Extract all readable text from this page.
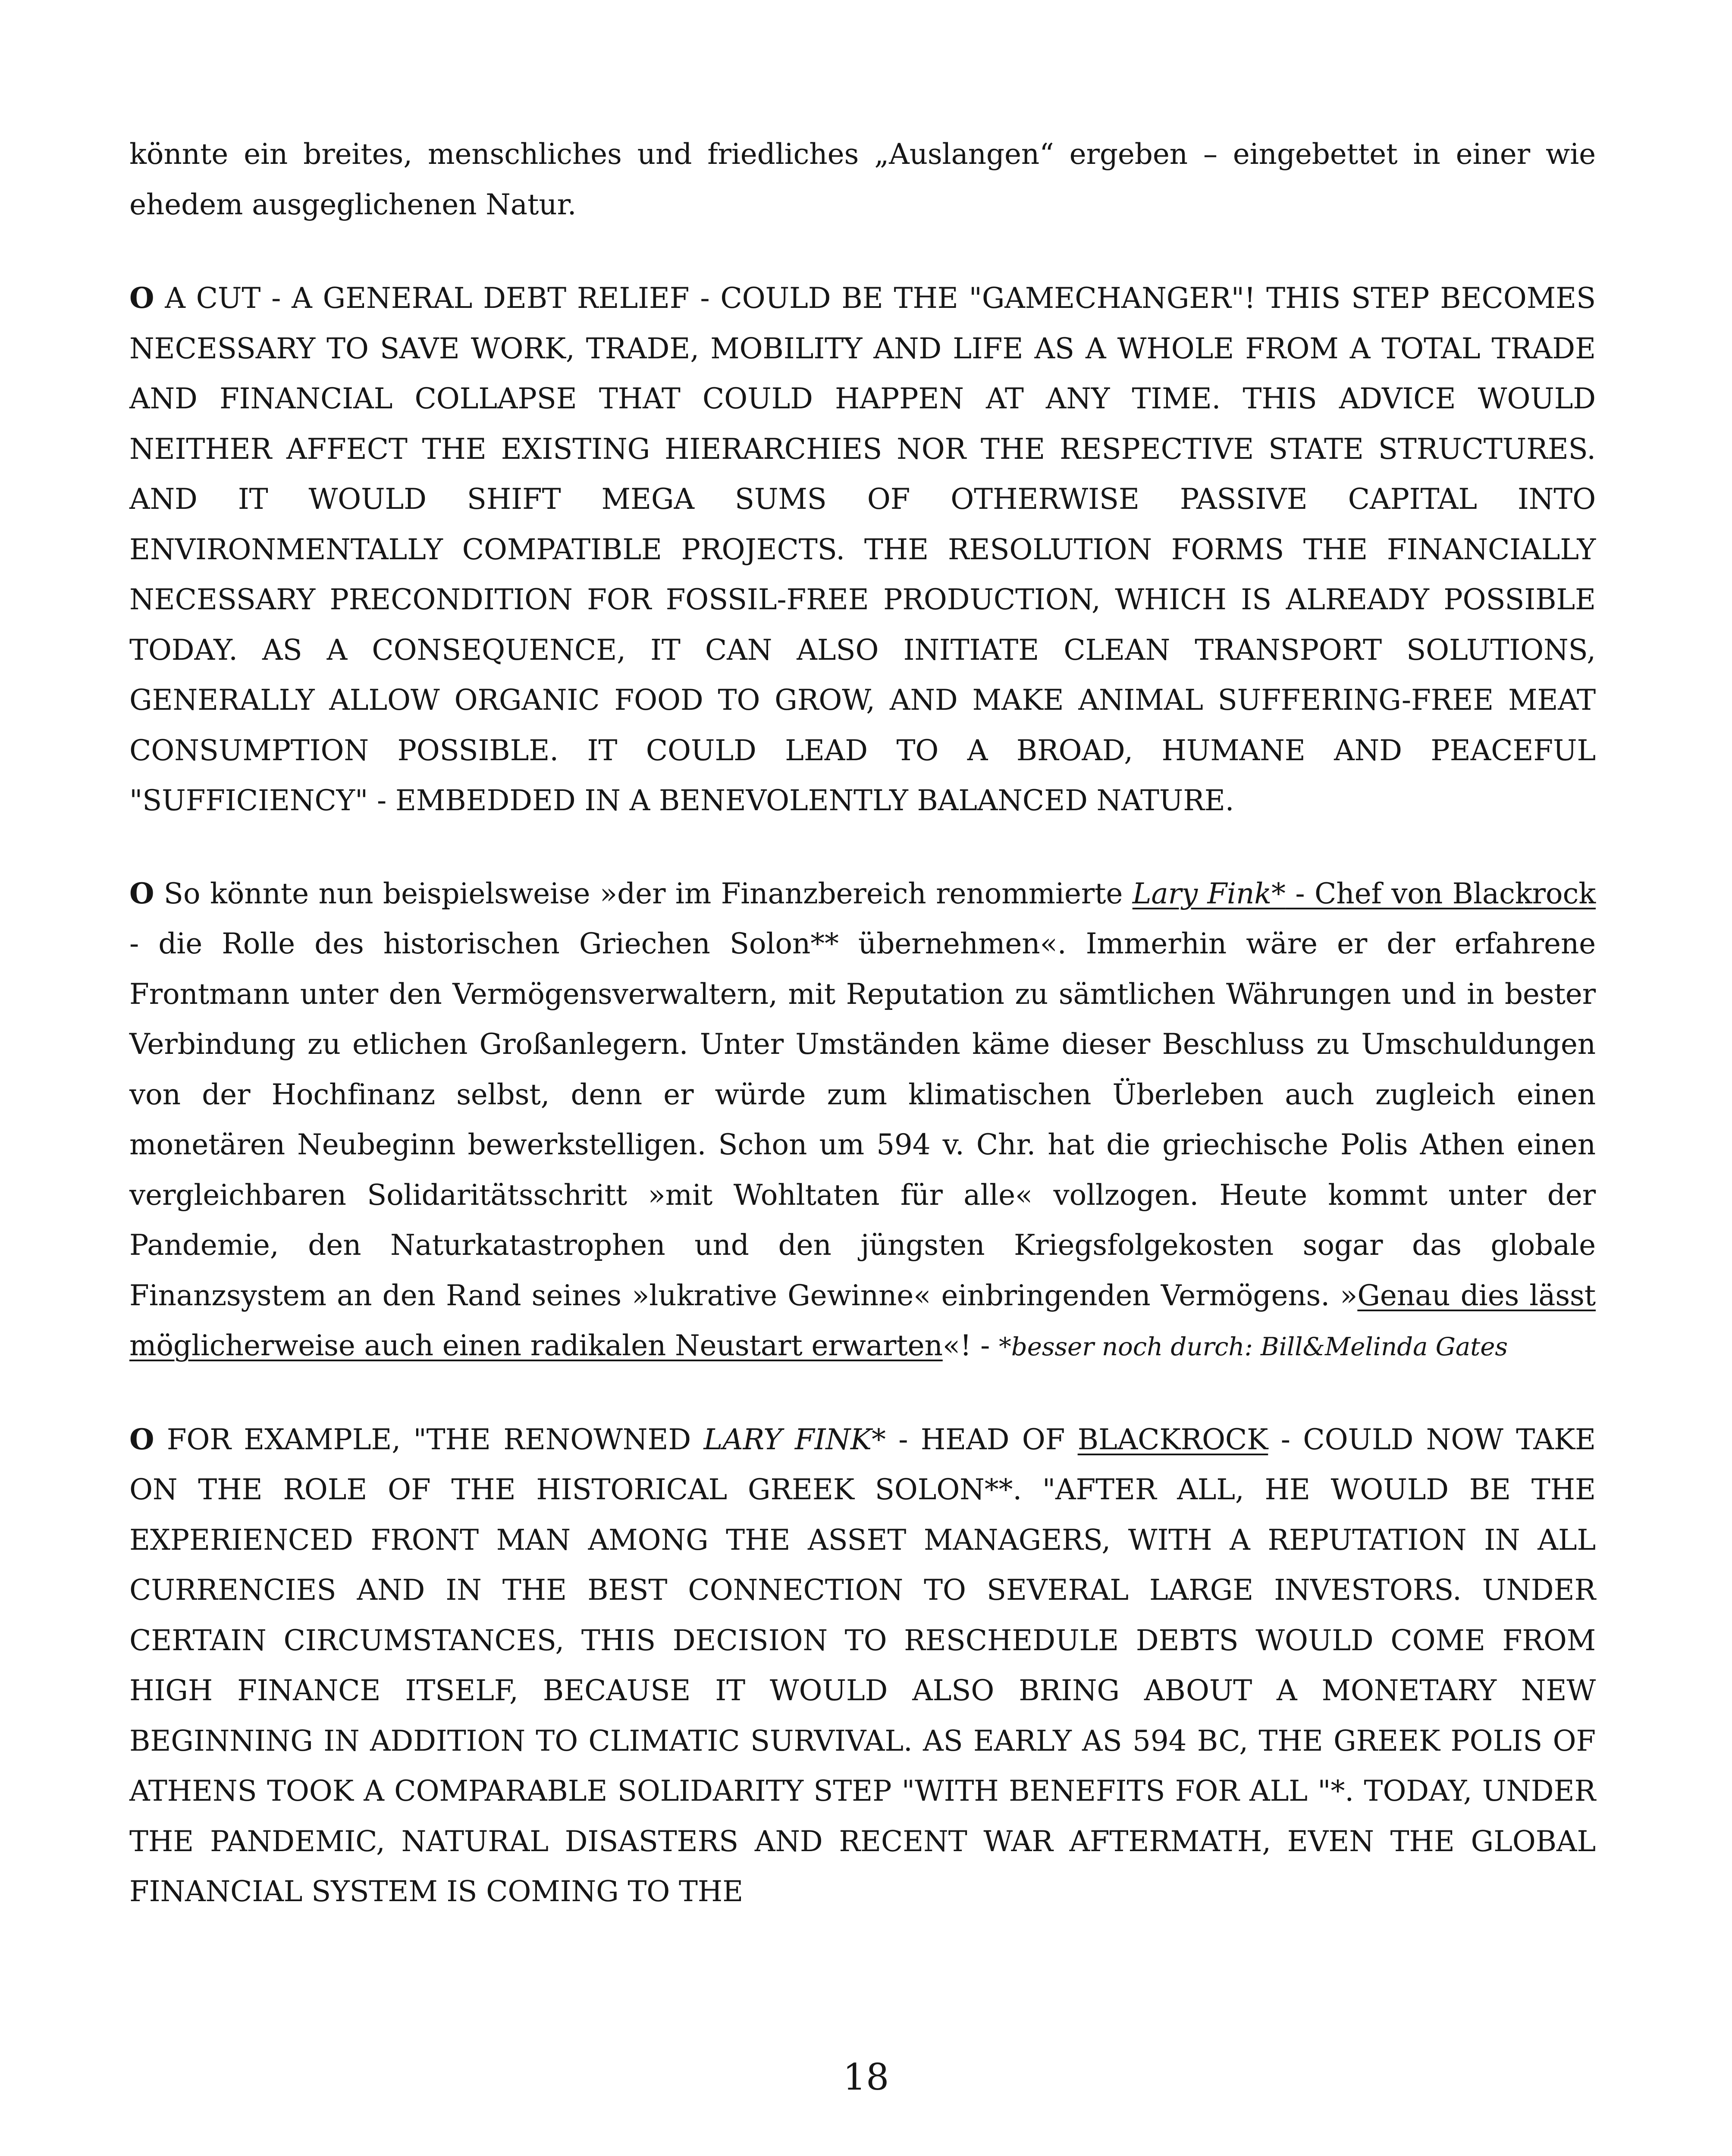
könnte ein breites, menschliches und friedliches „Auslangen“ ergeben – eingebettet in einer wie ehedem ausgeglichenen Natur.

O A CUT - A GENERAL DEBT RELIEF - COULD BE THE "GAMECHANGER"! THIS STEP BECOMES NECESSARY TO SAVE WORK, TRADE, MOBILITY AND LIFE AS A WHOLE FROM A TOTAL TRADE AND FINANCIAL COLLAPSE THAT COULD HAPPEN AT ANY TIME. THIS ADVICE WOULD NEITHER AFFECT THE EXISTING HIERARCHIES NOR THE RESPECTIVE STATE STRUCTURES. AND IT WOULD SHIFT MEGA SUMS OF OTHERWISE PASSIVE CAPITAL INTO ENVIRONMENTALLY COMPATIBLE PROJECTS. THE RESOLUTION FORMS THE FINANCIALLY NECESSARY PRECONDITION FOR FOSSIL-FREE PRODUCTION, WHICH IS ALREADY POSSIBLE TODAY. AS A CONSEQUENCE, IT CAN ALSO INITIATE CLEAN TRANSPORT SOLUTIONS, GENERALLY ALLOW ORGANIC FOOD TO GROW, AND MAKE ANIMAL SUFFERING-FREE MEAT CONSUMPTION POSSIBLE. IT COULD LEAD TO A BROAD, HUMANE AND PEACEFUL "SUFFICIENCY" - EMBEDDED IN A BENEVOLENTLY BALANCED NATURE.

O So könnte nun beispielsweise »der im Finanzbereich renommierte Lary Fink* - Chef von Blackrock - die Rolle des historischen Griechen Solon** übernehmen«. Immerhin wäre er der erfahrene Frontmann unter den Vermögensverwaltern, mit Reputation zu sämtlichen Währungen und in bester Verbindung zu etlichen Großanlegern. Unter Umständen käme dieser Beschluss zu Umschuldungen von der Hochfinanz selbst, denn er würde zum klimatischen Überleben auch zugleich einen monetären Neubeginn bewerkstelligen. Schon um 594 v. Chr. hat die griechische Polis Athen einen vergleichbaren Solidaritätsschritt »mit Wohltaten für alle« vollzogen. Heute kommt unter der Pandemie, den Naturkatastrophen und den jüngsten Kriegsfolgekosten sogar das globale Finanzsystem an den Rand seines »lukrative Gewinne« einbringenden Vermögens. »Genau dies lässt möglicherweise auch einen radikalen Neustart erwarten«! - *besser noch durch: Bill&Melinda Gates

O FOR EXAMPLE, "THE RENOWNED LARY FINK* - HEAD OF BLACKROCK - COULD NOW TAKE ON THE ROLE OF THE HISTORICAL GREEK SOLON**. "AFTER ALL, HE WOULD BE THE EXPERIENCED FRONT MAN AMONG THE ASSET MANAGERS, WITH A REPUTATION IN ALL CURRENCIES AND IN THE BEST CONNECTION TO SEVERAL LARGE INVESTORS. UNDER CERTAIN CIRCUMSTANCES, THIS DECISION TO RESCHEDULE DEBTS WOULD COME FROM HIGH FINANCE ITSELF, BECAUSE IT WOULD ALSO BRING ABOUT A MONETARY NEW BEGINNING IN ADDITION TO CLIMATIC SURVIVAL. AS EARLY AS 594 BC, THE GREEK POLIS OF ATHENS TOOK A COMPARABLE SOLIDARITY STEP "WITH BENEFITS FOR ALL "*. TODAY, UNDER THE PANDEMIC, NATURAL DISASTERS AND RECENT WAR AFTERMATH, EVEN THE GLOBAL FINANCIAL SYSTEM IS COMING TO THE

18
